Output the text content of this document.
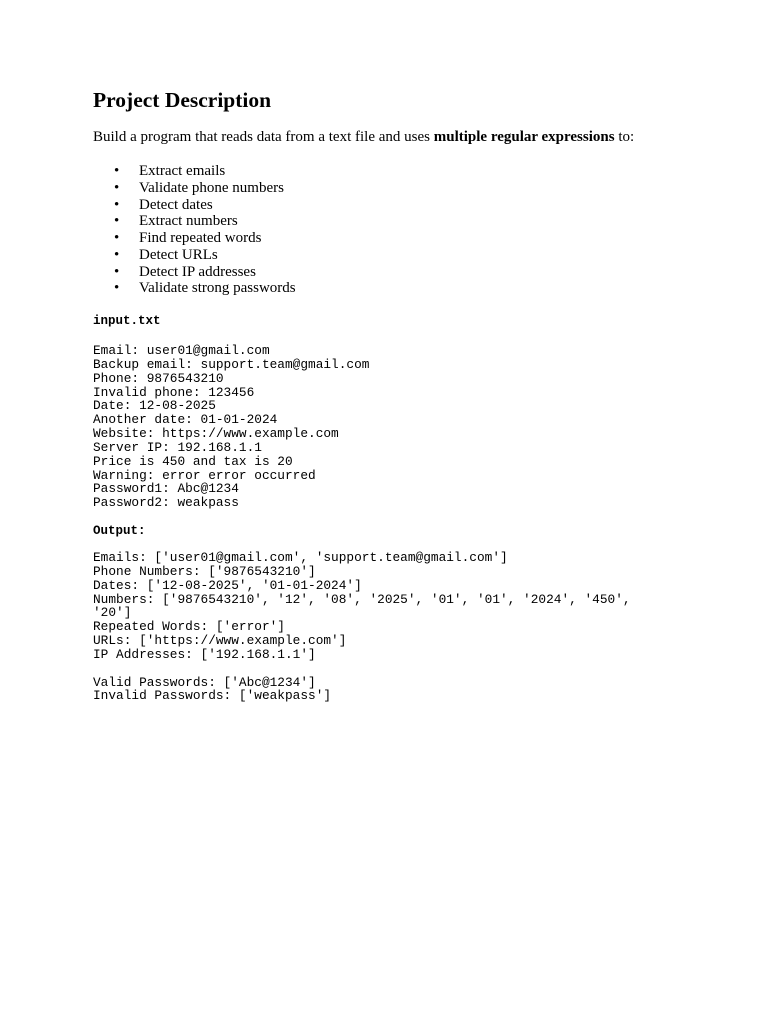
Project Description

Build a program that reads data from a text file and uses multiple regular expressions to:

• Extract emails
• Validate phone numbers
• Detect dates
• Extract numbers
• Find repeated words
• Detect URLs
• Detect IP addresses
• Validate strong passwords

input.txt

Email: user01@gmail.com
Backup email: support.team@gmail.com
Phone: 9876543210
Invalid phone: 123456
Date: 12-08-2025
Another date: 01-01-2024
Website: https://www.example.com
Server IP: 192.168.1.1
Price is 450 and tax is 20
Warning: error error occurred
Password1: Abc@1234
Password2: weakpass

Output:

Emails: ['user01@gmail.com', 'support.team@gmail.com']
Phone Numbers: ['9876543210']
Dates: ['12-08-2025', '01-01-2024']
Numbers: ['9876543210', '12', '08', '2025', '01', '01', '2024', '450',
'20']
Repeated Words: ['error']
URLs: ['https://www.example.com']
IP Addresses: ['192.168.1.1']

Valid Passwords: ['Abc@1234']
Invalid Passwords: ['weakpass']
